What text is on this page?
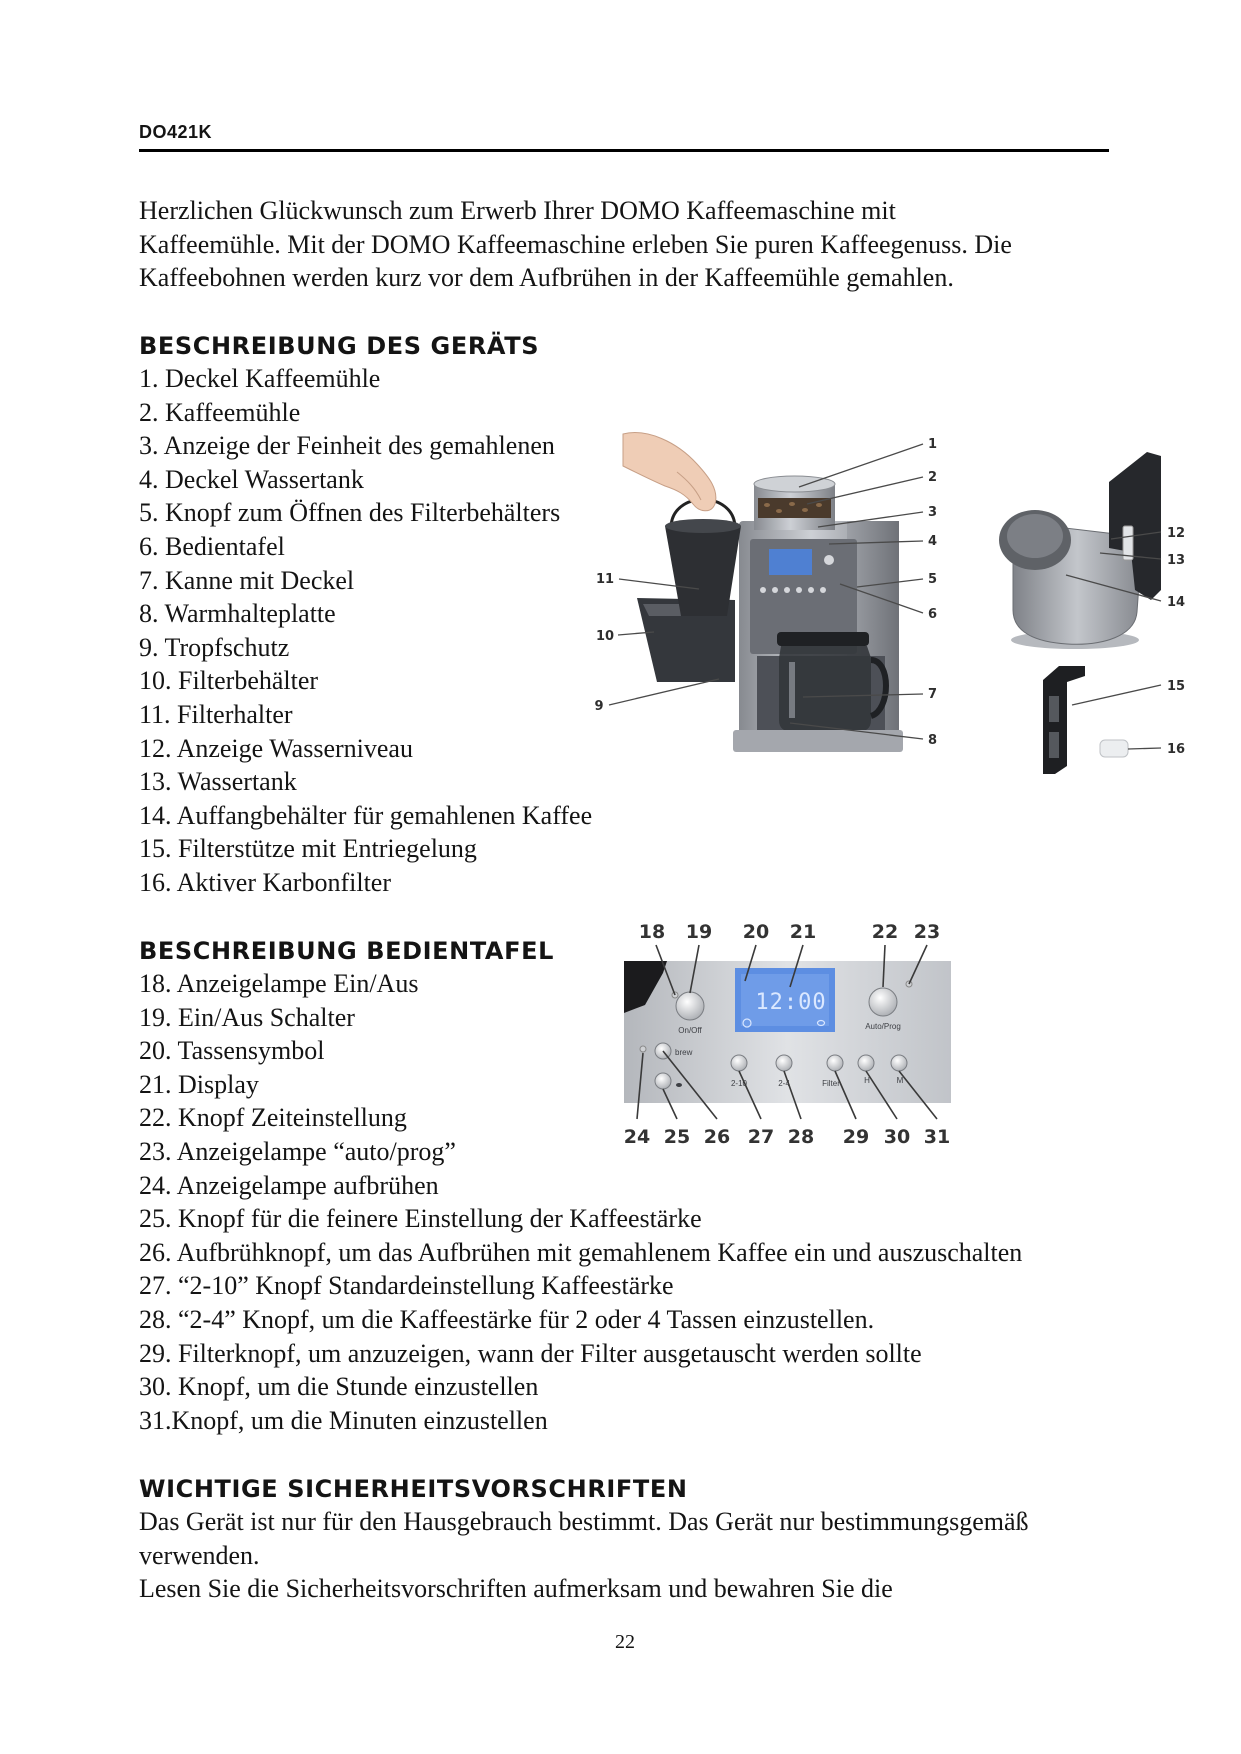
DO421K
Herzlichen Glückwunsch zum Erwerb Ihrer DOMO Kaffeemaschine mit
Kaffeemühle. Mit der DOMO Kaffeemaschine erleben Sie puren Kaffeegenuss. Die
Kaffeebohnen werden kurz vor dem Aufbrühen in der Kaffeemühle gemahlen.
BESCHREIBUNG DES GERÄTS
1. Deckel Kaffeemühle
2. Kaffeemühle
3. Anzeige der Feinheit des gemahlenen
4. Deckel Wassertank
5. Knopf zum Öffnen des Filterbehälters
6. Bedientafel
7. Kanne mit Deckel
8. Warmhalteplatte
9. Tropfschutz
10. Filterbehälter
11. Filterhalter
12. Anzeige Wasserniveau
13. Wassertank
14. Auffangbehälter für gemahlenen Kaffee
15. Filterstütze mit Entriegelung
16. Aktiver Karbonfilter
1
2
3
4
5
6
7
8
9
10
11
12
13
14
15
16
BESCHREIBUNG BEDIENTAFEL
18. Anzeigelampe Ein/Aus
19. Ein/Aus Schalter
20. Tassensymbol
21. Display
22. Knopf Zeiteinstellung
23. Anzeigelampe “auto/prog”
24. Anzeigelampe aufbrühen
25. Knopf für die feinere Einstellung der Kaffeestärke
26. Aufbrühknopf, um das Aufbrühen mit gemahlenem Kaffee ein und auszuschalten
27. “2-10” Knopf Standardeinstellung Kaffeestärke
28. “2-4” Knopf, um die Kaffeestärke für 2 oder 4 Tassen einzustellen.
29. Filterknopf, um anzuzeigen, wann der Filter ausgetauscht werden sollte
30. Knopf, um die Stunde einzustellen
31.Knopf, um die Minuten einzustellen
12:00
On/Off	Auto/Prog
brew
2-10	2-4	Filter	H	M
18 19 20 21	22 23
24 25 26 27 28 29 30 31
WICHTIGE SICHERHEITSVORSCHRIFTEN
Das Gerät ist nur für den Hausgebrauch bestimmt. Das Gerät nur bestimmungsgemäß
verwenden.
Lesen Sie die Sicherheitsvorschriften aufmerksam und bewahren Sie die
22
